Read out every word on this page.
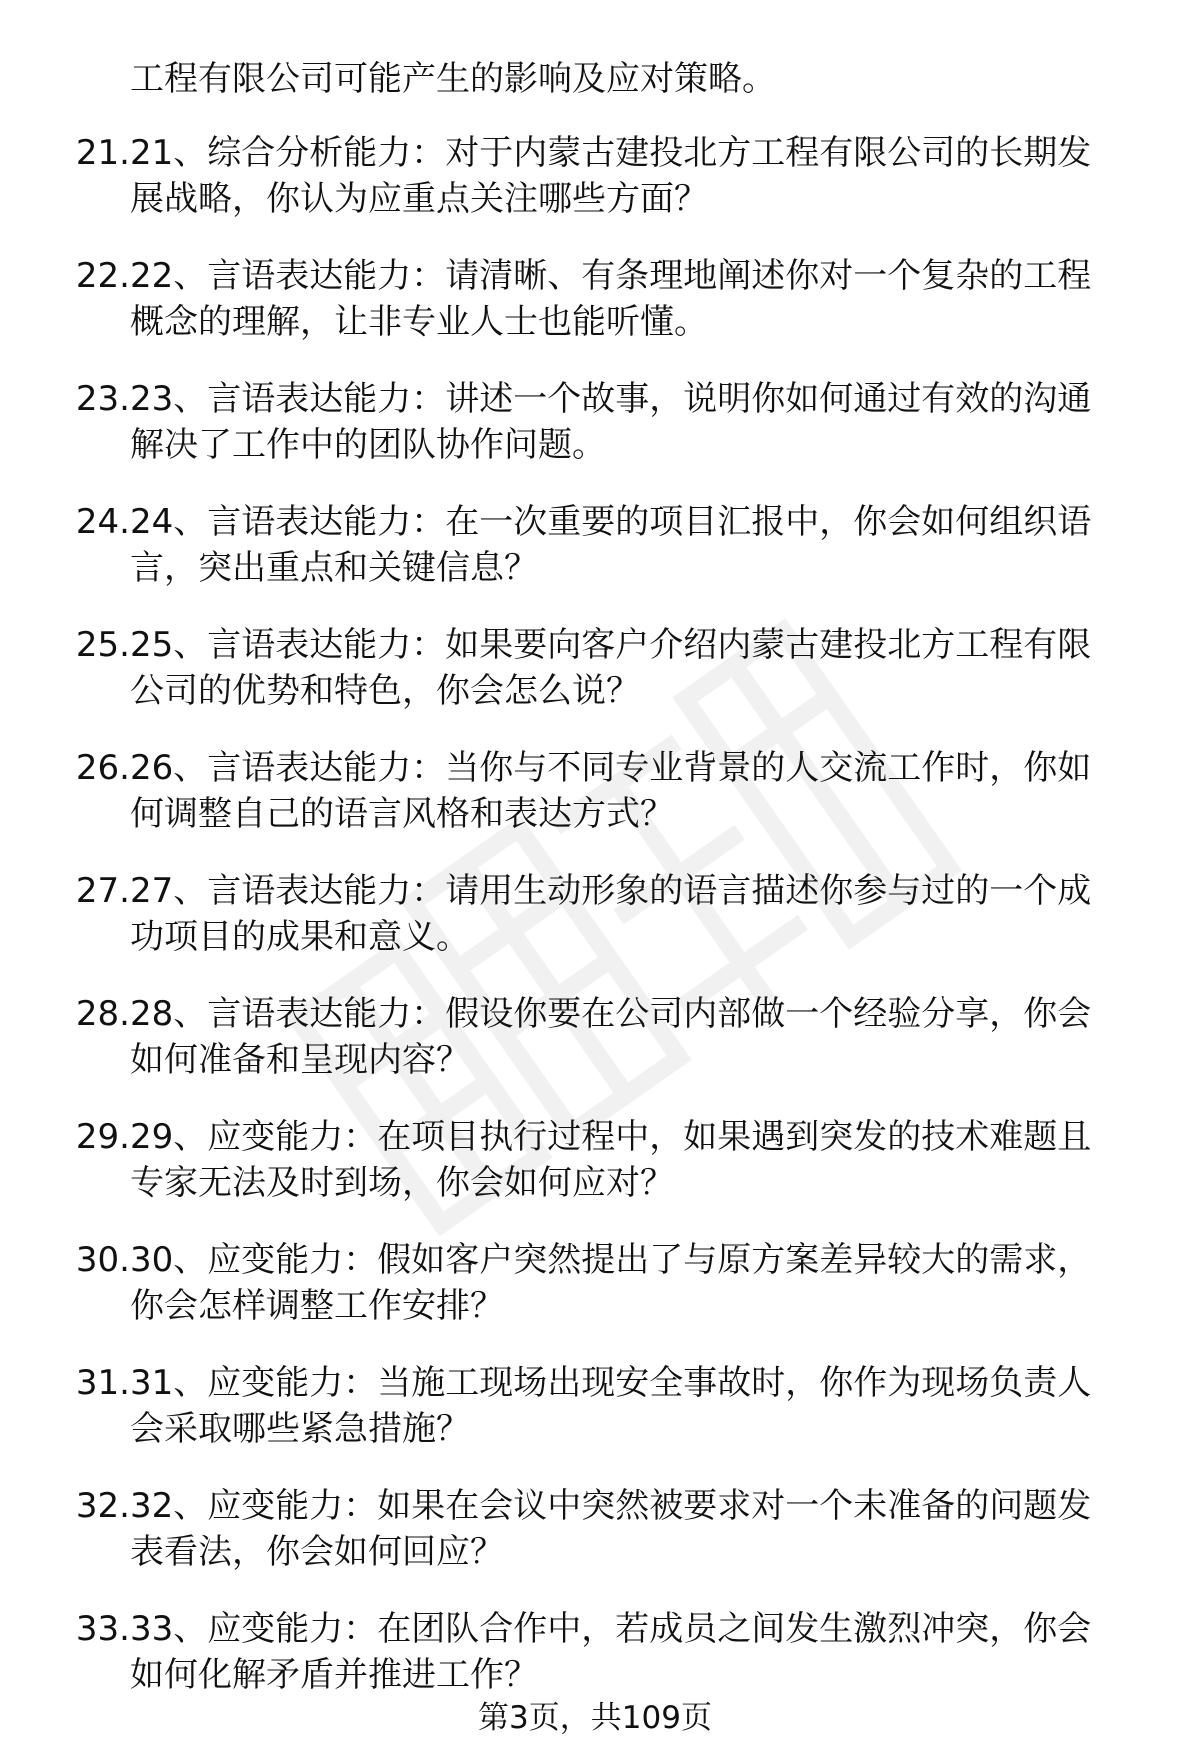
工程有限公司可能产生的影响及应对策略。
21. 21、综合分析能力：对于内蒙古建投北方工程有限公司的长期发
展战略，你认为应重点关注哪些方面？
22. 22、言语表达能力：请清晰、有条理地阐述你对一个复杂的工程
概念的理解，让非专业人士也能听懂。
23. 23、言语表达能力：讲述一个故事，说明你如何通过有效的沟通
解决了工作中的团队协作问题。
24. 24、言语表达能力：在一次重要的项目汇报中，你会如何组织语
言，突出重点和关键信息？
25. 25、言语表达能力：如果要向客户介绍内蒙古建投北方工程有限
公司的优势和特色，你会怎么说？
26. 26、言语表达能力：当你与不同专业背景的人交流工作时，你如
何调整自己的语言风格和表达方式？
27. 27、言语表达能力：请用生动形象的语言描述你参与过的一个成
功项目的成果和意义。
28. 28、言语表达能力：假设你要在公司内部做一个经验分享，你会
如何准备和呈现内容？
29. 29、应变能力：在项目执行过程中，如果遇到突发的技术难题且
专家无法及时到场，你会如何应对？
30. 30、应变能力：假如客户突然提出了与原方案差异较大的需求，
你会怎样调整工作安排？
31. 31、应变能力：当施工现场出现安全事故时，你作为现场负责人
会采取哪些紧急措施？
32. 32、应变能力：如果在会议中突然被要求对一个未准备的问题发
表看法，你会如何回应？
33. 33、应变能力：在团队合作中，若成员之间发生激烈冲突，你会
如何化解矛盾并推进工作？
第3页，共109页
